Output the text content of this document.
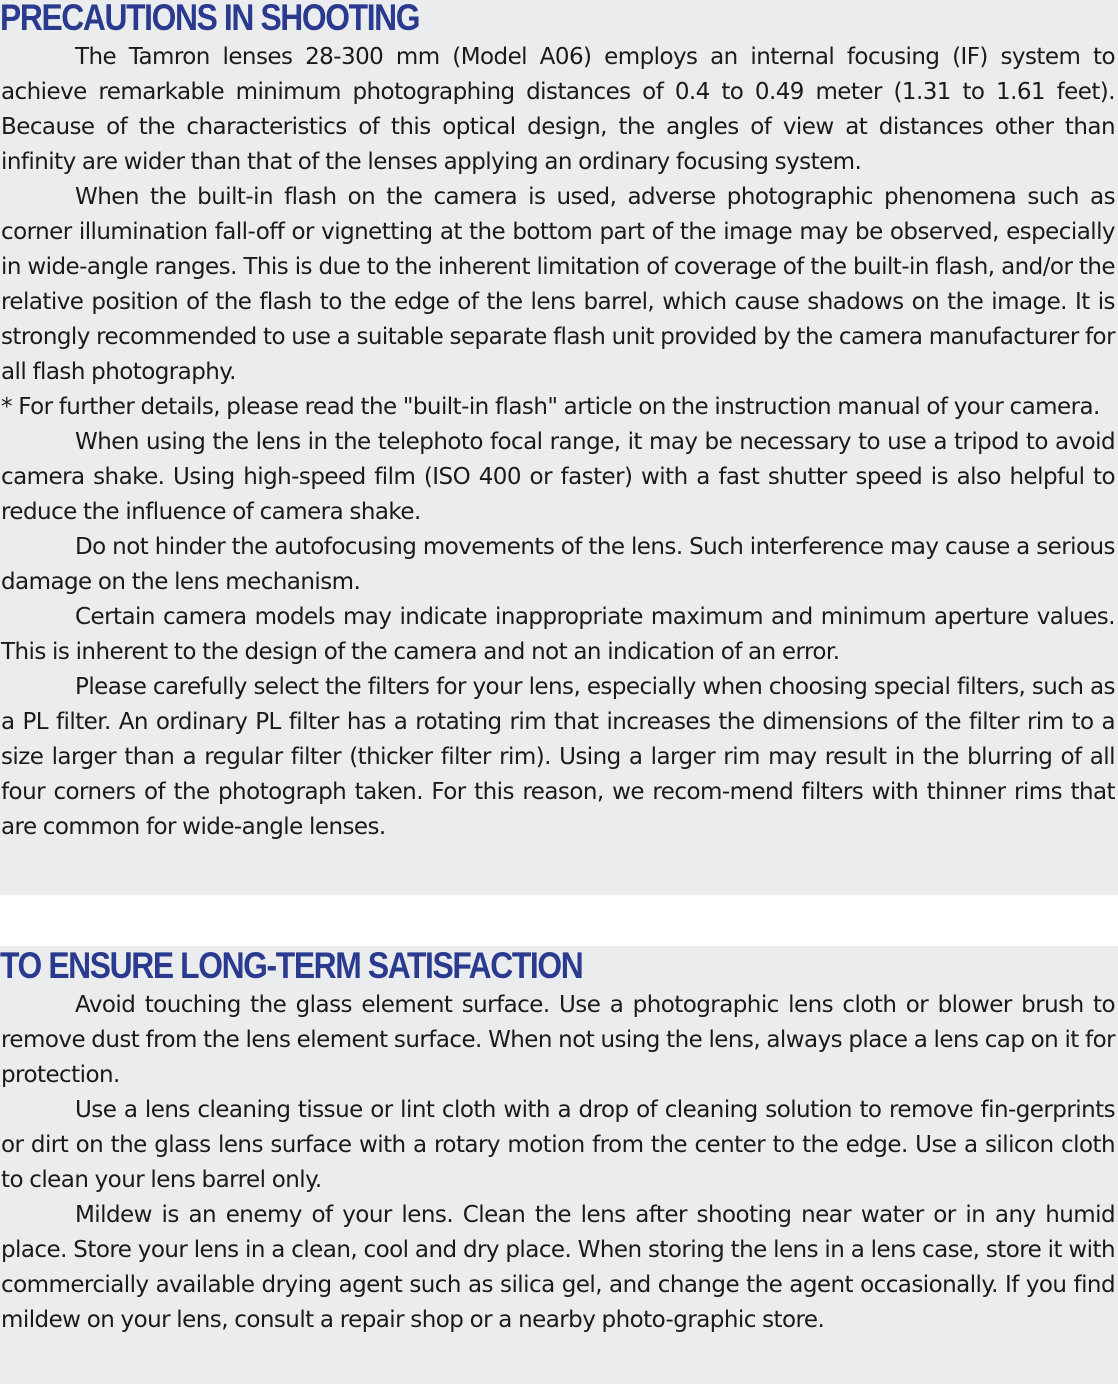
PRECAUTIONS IN SHOOTING

The Tamron lenses 28-300 mm (Model A06) employs an internal focusing (IF) system to achieve remarkable minimum photographing distances of 0.4 to 0.49 meter (1.31 to 1.61 feet). Because of the characteristics of this optical design, the angles of view at distances other than infinity are wider than that of the lenses applying an ordinary focusing system.

When the built-in flash on the camera is used, adverse photographic phenomena such as corner illumination fall-off or vignetting at the bottom part of the image may be observed, especially in wide-angle ranges. This is due to the inherent limitation of coverage of the built-in flash, and/or the relative position of the flash to the edge of the lens barrel, which cause shadows on the image. It is strongly recommended to use a suitable separate flash unit provided by the camera manufacturer for all flash photography.

* For further details, please read the "built-in flash" article on the instruction manual of your camera.

When using the lens in the telephoto focal range, it may be necessary to use a tripod to avoid camera shake. Using high-speed film (ISO 400 or faster) with a fast shutter speed is also helpful to reduce the influence of camera shake.

Do not hinder the autofocusing movements of the lens. Such interference may cause a serious damage on the lens mechanism.

Certain camera models may indicate inappropriate maximum and minimum aperture values. This is inherent to the design of the camera and not an indication of an error.

Please carefully select the filters for your lens, especially when choosing special filters, such as a PL filter. An ordinary PL filter has a rotating rim that increases the dimensions of the filter rim to a size larger than a regular filter (thicker filter rim). Using a larger rim may result in the blurring of all four corners of the photograph taken. For this reason, we recom-mend filters with thinner rims that are common for wide-angle lenses.

TO ENSURE LONG-TERM SATISFACTION

Avoid touching the glass element surface. Use a photographic lens cloth or blower brush to remove dust from the lens element surface. When not using the lens, always place a lens cap on it for protection.

Use a lens cleaning tissue or lint cloth with a drop of cleaning solution to remove fin-gerprints or dirt on the glass lens surface with a rotary motion from the center to the edge. Use a silicon cloth to clean your lens barrel only.

Mildew is an enemy of your lens. Clean the lens after shooting near water or in any humid place. Store your lens in a clean, cool and dry place. When storing the lens in a lens case, store it with commercially available drying agent such as silica gel, and change the agent occasionally. If you find mildew on your lens, consult a repair shop or a nearby photo-graphic store.
